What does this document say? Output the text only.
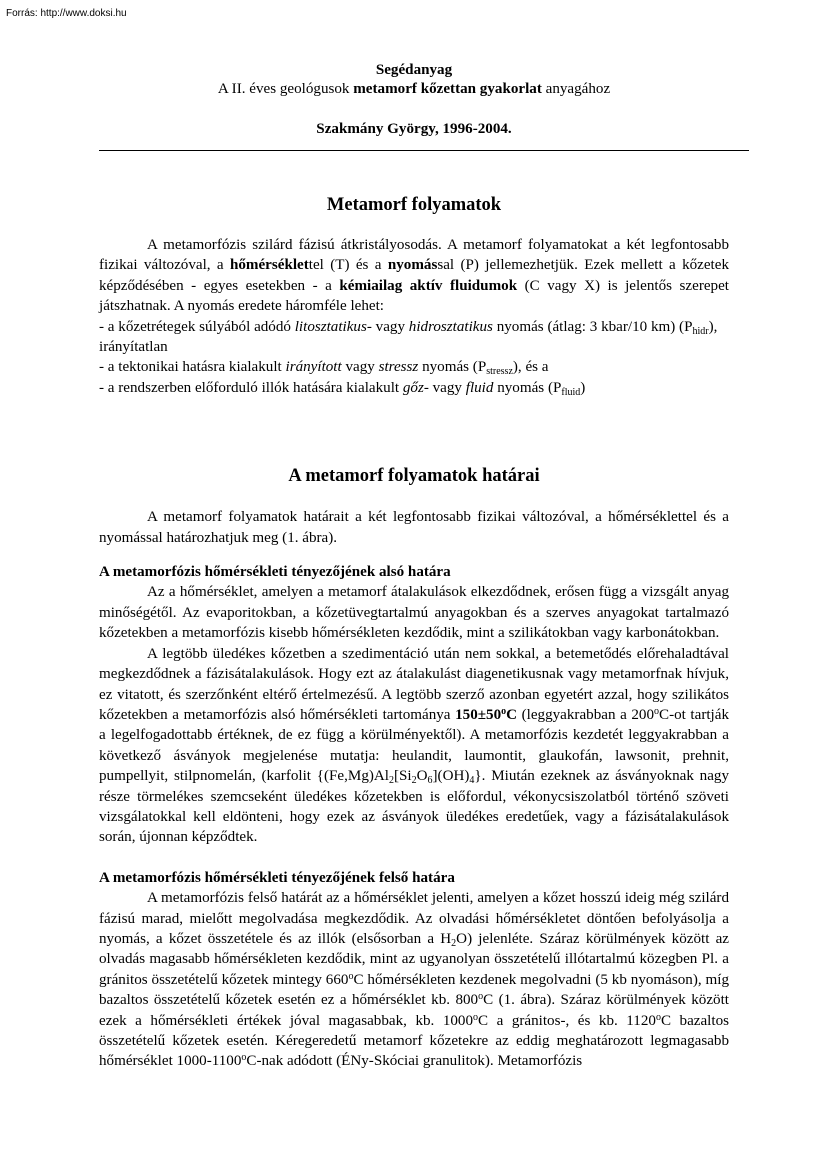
Forrás: http://www.doksi.hu
Segédanyag
A II. éves geológusok metamorf kőzettan gyakorlat anyagához
Szakmány György, 1996-2004.
Metamorf folyamatok

A metamorfózis szilárd fázisú átkristályosodás. A metamorf folyamatokat a két legfontosabb fizikai változóval, a hőmérséklettel (T) és a nyomással (P) jellemezhetjük. Ezek mellett a kőzetek képződésében - egyes esetekben - a kémiailag aktív fluidumok (C vagy X) is jelentős szerepet játszhatnak. A nyomás eredete háromféle lehet:

- a kőzetrétegek súlyából adódó litosztatikus- vagy hidrosztatikus nyomás (átlag: 3 kbar/10 km) $(P_{hidr})$, irányítatlan

- a tektonikai hatásra kialakult irányított vagy stressz nyomás $(P_{stressz})$, és a

- a rendszerben előforduló illók hatására kialakult gőz- vagy fluid nyomás $(P_{fluid})$

A metamorf folyamatok határai

A metamorf folyamatok határait a két legfontosabb fizikai változóval, a hőmérséklettel és a nyomással határozhatjuk meg (1. ábra).

A metamorfózis hőmérsékleti tényezőjének alsó határa

Az a hőmérséklet, amelyen a metamorf átalakulások elkezdődnek, erősen függ a vizsgált anyag minőségétől. Az evaporitokban, a kőzetüvegtartalmú anyagokban és a szerves anyagokat tartalmazó kőzetekben a metamorfózis kisebb hőmérsékleten kezdődik, mint a szilikátokban vagy karbonátokban.

A legtöbb üledékes kőzetben a szedimentáció után nem sokkal, a betemetődés előrehaladtával megkezdődnek a fázisátalakulások. Hogy ezt az átalakulást diagenetikusnak vagy metamorfnak hívjuk, ez vitatott, és szerzőnként eltérő értelmezésű. A legtöbb szerző azonban egyetért azzal, hogy szilikátos kőzetekben a metamorfózis alsó hőmérsékleti tartománya $150\pm 50^oC$ (leggyakrabban a 200$^o$C-ot tartják a legelfogadottabb értéknek, de ez függ a körülményektől). A metamorfózis kezdetét leggyakrabban a következő ásványok megjelenése mutatja: heulandit, laumontit, glaukofán, lawsonit, prehnit, pumpellyit, stilpnomelán, (karfolit $\{(Fe,Mg)Al_2[Si_2O_6](OH)_4\}$. Miután ezeknek az ásványoknak nagy része törmelékes szemcseként üledékes kőzetekben is előfordul, vékonycsiszolatból történő szöveti vizsgálatokkal kell eldönteni, hogy ezek az ásványok üledékes eredetűek, vagy a fázisátalakulások során, újonnan képződtek.

A metamorfózis hőmérsékleti tényezőjének felső határa

A metamorfózis felső határát az a hőmérséklet jelenti, amelyen a kőzet hosszú ideig még szilárd fázisú marad, mielőtt megolvadása megkezdődik. Az olvadási hőmérsékletet döntően befolyásolja a nyomás, a kőzet összetétele és az illók (elsősorban a $H_2O$) jelenléte. Száraz körülmények között az olvadás magasabb hőmérsékleten kezdődik, mint az ugyanolyan összetételű illótartalmú közegben Pl. a gránitos összetételű kőzetek mintegy 660$^o$C hőmérsékleten kezdenek megolvadni (5 kb nyomáson), míg bazaltos összetételű kőzetek esetén ez a hőmérséklet kb. 800$^o$C (1. ábra). Száraz körülmények között ezek a hőmérsékleti értékek jóval magasabbak, kb. 1000$^o$C a gránitos-, és kb. 1120$^o$C bazaltos összetételű kőzetek esetén. Kéregeredetű metamorf kőzetekre az eddig meghatározott legmagasabb hőmérséklet 1000-1100$^o$C-nak adódott (ÉNy-Skóciai granulitok). Metamorfózis
